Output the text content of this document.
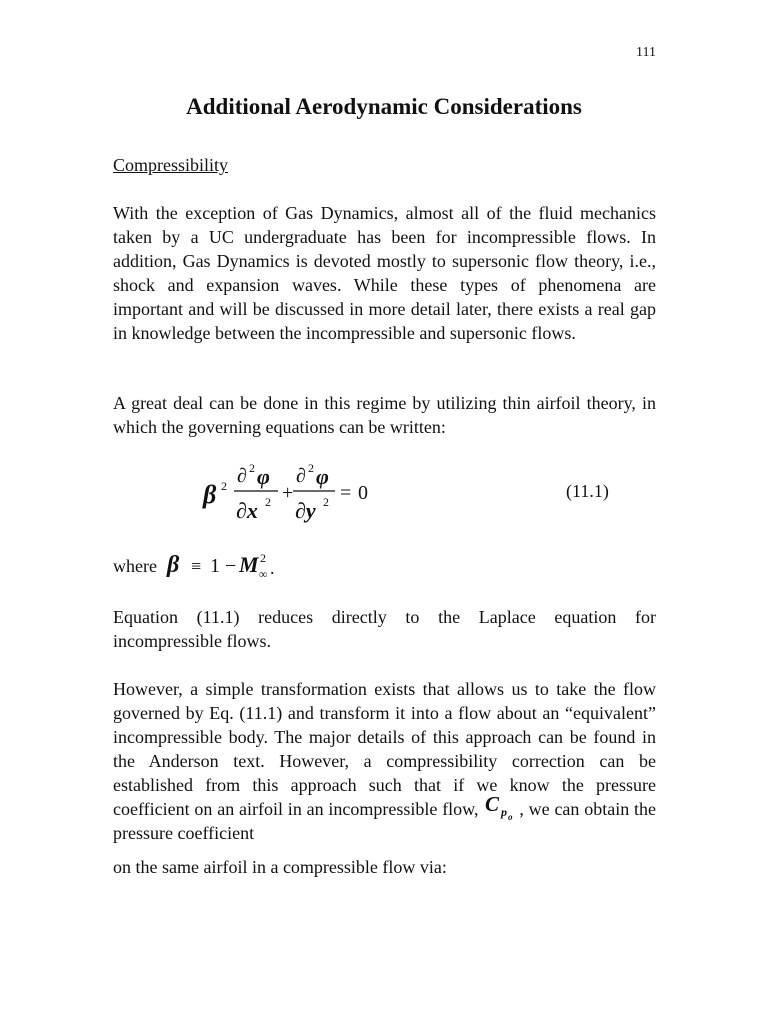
111
Additional Aerodynamic Considerations
Compressibility
With the exception of Gas Dynamics, almost all of the fluid mechanics taken by a UC undergraduate has been for incompressible flows. In addition, Gas Dynamics is devoted mostly to supersonic flow theory, i.e., shock and expansion waves. While these types of phenomena are important and will be discussed in more detail later, there exists a real gap in knowledge between the incompressible and supersonic flows.
A great deal can be done in this regime by utilizing thin airfoil theory, in which the governing equations can be written:
β 2 ∂ 2 φ
∂x 2 +
∂ 2 φ
∂y 2 = 0	(11.1)
where β ≡ 1 − M 2
∞ .
Equation (11.1) reduces directly to the Laplace equation for incompressible flows.
However, a simple transformation exists that allows us to take the flow governed by Eq. (11.1) and transform it into a flow about an “equivalent” incompressible body. The major details of this approach can be found in the Anderson text. However, a compressibility correction can be established from this approach such that if we know the pressure coefficient on an airfoil in an incompressible flow, C p o , we can obtain the pressure coefficient
on the same airfoil in a compressible flow via:
